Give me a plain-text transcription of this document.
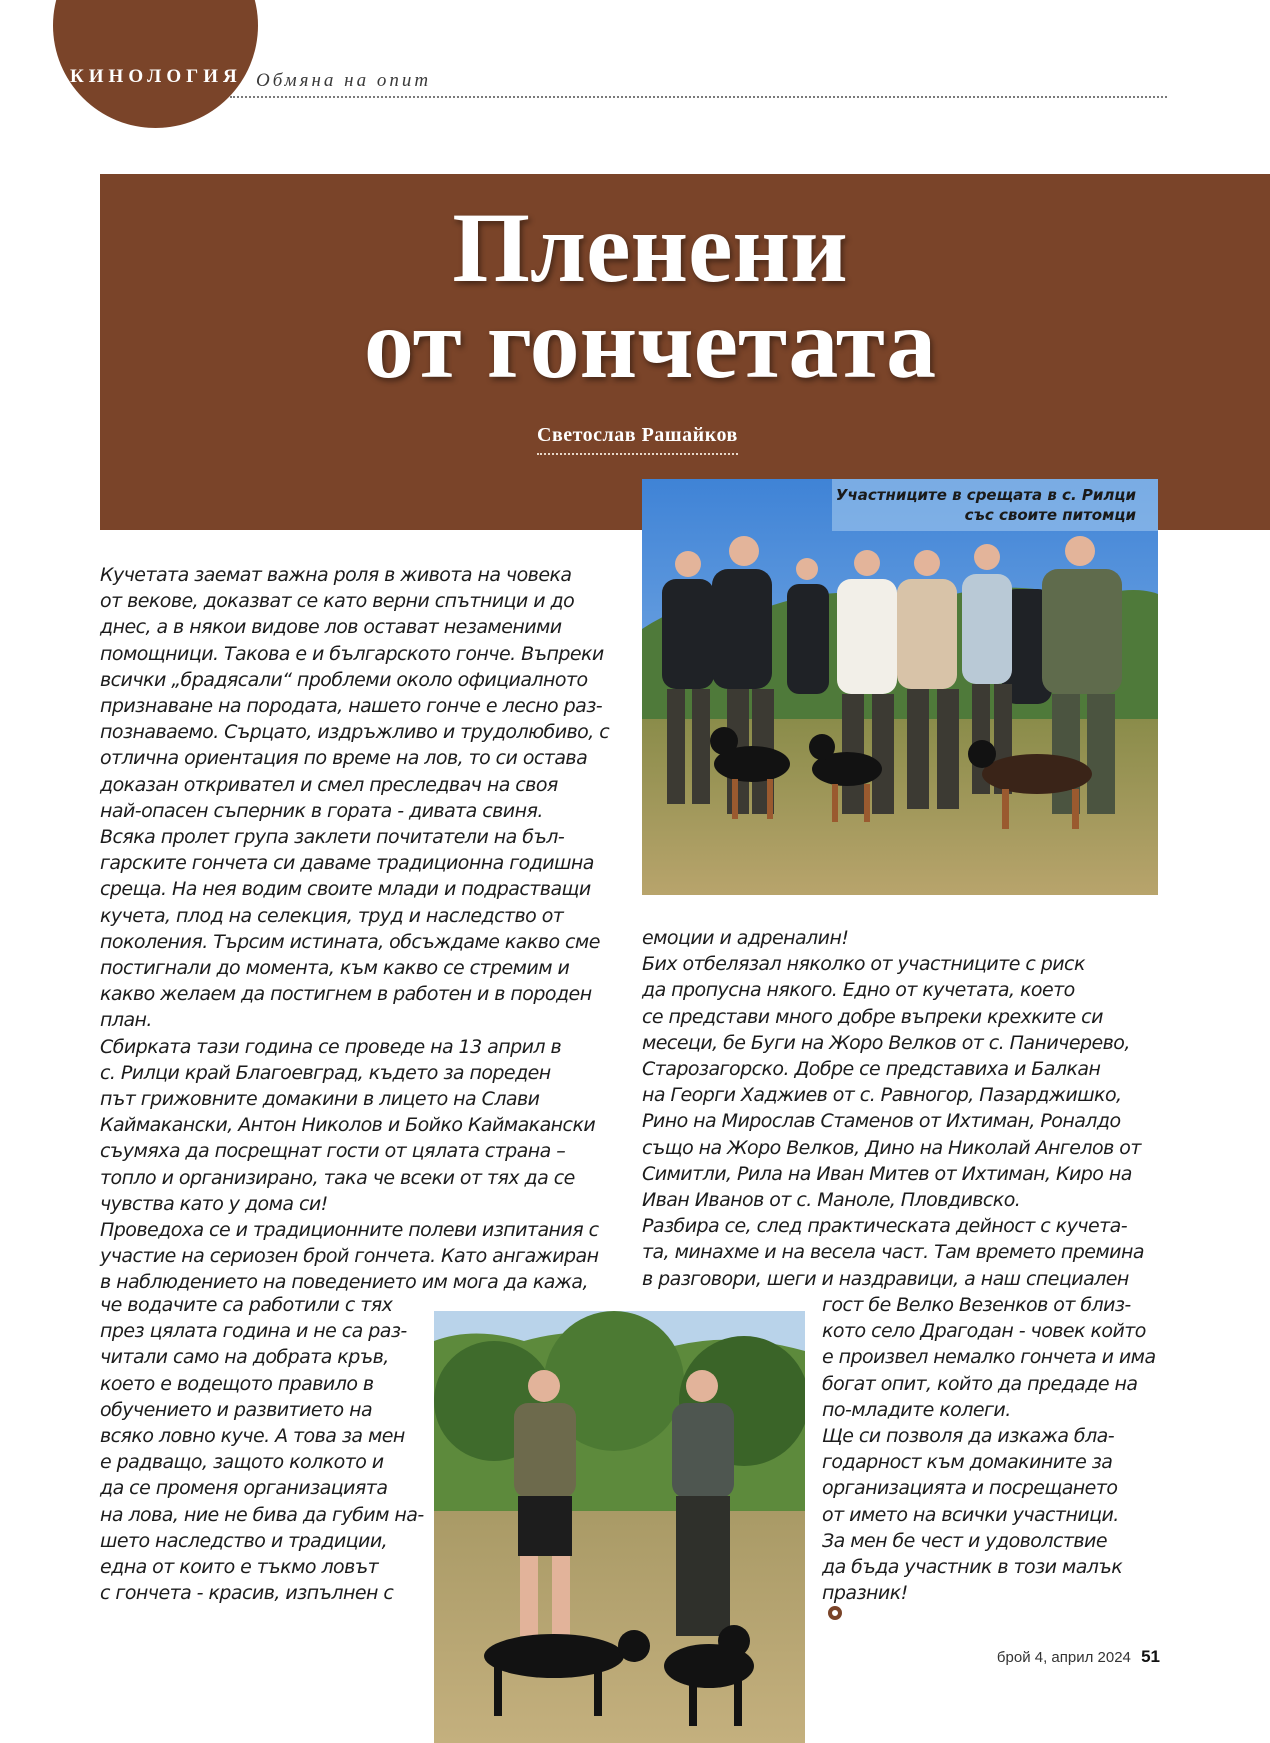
КИНОЛОГИЯ Обмяна на опит

Пленени
от гончетата

Светослав Рашайков

Участниците в срещата в с. Рилци
със своите питомци

Кучетата заемат важна роля в живота на човека
от векове, доказват се като верни спътници и до
днес, а в някои видове лов остават незаменими
помощници. Такова е и българското гонче. Въпреки
всички „брадясали“ проблеми около официалното
признаване на породата, нашето гонче е лесно раз-
познаваемо. Сърцато, издръжливо и трудолюбиво, с
отлична ориентация по време на лов, то си остава
доказан откривател и смел преследвач на своя
най-опасен съперник в гората - дивата свиня.
Всяка пролет група заклети почитатели на бъл-
гарските гончета си даваме традиционна годишна
среща. На нея водим своите млади и подрастващи
кучета, плод на селекция, труд и наследство от
поколения. Търсим истината, обсъждаме какво сме
постигнали до момента, към какво се стремим и
какво желаем да постигнем в работен и в породен
план.
Сбирката тази година се проведе на 13 април в
с. Рилци край Благоевград, където за пореден
път грижовните домакини в лицето на Слави
Каймакански, Антон Николов и Бойко Каймакански
съумяха да посрещнат гости от цялата страна –
топло и организирано, така че всеки от тях да се
чувства като у дома си!
Проведоха се и традиционните полеви изпитания с
участие на сериозен брой гончета. Като ангажиран
в наблюдението на поведението им мога да кажа,

че водачите са работили с тях
през цялата година и не са раз-
читали само на добрата кръв,
което е водещото правило в
обучението и развитието на
всяко ловно куче. А това за мен
е радващо, защото колкото и
да се променя организацията
на лова, ние не бива да губим на-
шето наследство и традиции,
една от които е тъкмо ловът
с гончета - красив, изпълнен с

емоции и адреналин!
Бих отбелязал няколко от участниците с риск
да пропусна някого. Едно от кучетата, което
се представи много добре въпреки крехките си
месеци, бе Буги на Жоро Велков от с. Паничерево,
Старозагорско. Добре се представиха и Балкан
на Георги Хаджиев от с. Равногор, Пазарджишко,
Рино на Мирослав Стаменов от Ихтиман, Роналдо
също на Жоро Велков, Дино на Николай Ангелов от
Симитли, Рила на Иван Митев от Ихтиман, Киро на
Иван Иванов от с. Маноле, Пловдивско.
Разбира се, след практическата дейност с кучета-
та, минахме и на весела част. Там времето премина
в разговори, шеги и наздравици, а наш специален

гост бе Велко Везенков от близ-
кото село Драгодан - човек който
е произвел немалко гончета и има
богат опит, който да предаде на
по-младите колеги.
Ще си позволя да изкажа бла-
годарност към домакините за
организацията и посрещането
от името на всички участници.
За мен бе чест и удоволствие
да бъда участник в този малък
празник!

брой 4, април 2024 51
